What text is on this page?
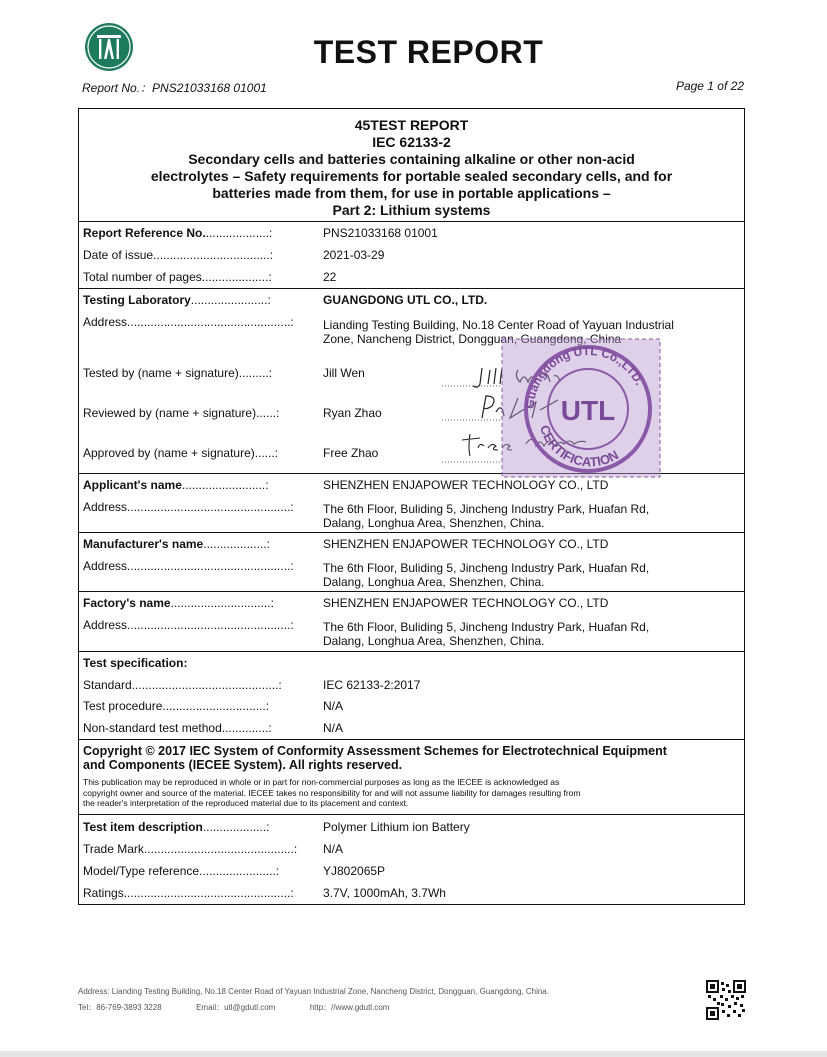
TEST REPORT
Report No.：PNS21033168 01001	Page 1 of 22
45TEST REPORT
IEC 62133-2
Secondary cells and batteries containing alkaline or other non-acid
electrolytes – Safety requirements for portable sealed secondary cells, and for
batteries made from them, for use in portable applications –
Part 2: Lithium systems
Report Reference No....................:	PNS21033168 01001
Date of issue...................................:	2021-03-29
Total number of pages....................:	22
Testing Laboratory.......................:	GUANGDONG UTL CO., LTD.
Address.................................................:	Lianding Testing Building, No.18 Center Road of Yayuan Industrial
Zone, Nancheng District, Dongguan, Guangdong, China
Tested by (name + signature).........:	Jill Wen
Reviewed by (name + signature)......:	Ryan Zhao
Approved by (name + signature)......:	Free Zhao
Applicant's name.........................:	SHENZHEN ENJAPOWER TECHNOLOGY CO., LTD
Address.................................................:	The 6th Floor, Buliding 5, Jincheng Industry Park, Huafan Rd,
Dalang, Longhua Area, Shenzhen, China.
Manufacturer's name...................:	SHENZHEN ENJAPOWER TECHNOLOGY CO., LTD
Address.................................................:	The 6th Floor, Buliding 5, Jincheng Industry Park, Huafan Rd,
Dalang, Longhua Area, Shenzhen, China.
Factory's name..............................:	SHENZHEN ENJAPOWER TECHNOLOGY CO., LTD
Address.................................................:	The 6th Floor, Buliding 5, Jincheng Industry Park, Huafan Rd,
Dalang, Longhua Area, Shenzhen, China.
Test specification:
Standard............................................:	IEC 62133-2:2017
Test procedure...............................:	N/A
Non-standard test method..............:	N/A
Copyright © 2017 IEC System of Conformity Assessment Schemes for Electrotechnical Equipment
and Components (IECEE System). All rights reserved.
This publication may be reproduced in whole or in part for non-commercial purposes as long as the IECEE is acknowledged as
copyright owner and source of the material. IECEE takes no responsibility for and will not assume liability for damages resulting from
the reader's interpretation of the reproduced material due to its placement and context.
Test item description...................:	Polymer Lithium ion Battery
Trade Mark.............................................:	N/A
Model/Type reference.......................:	YJ802065P
Ratings..................................................:	3.7V, 1000mAh, 3.7Wh
Guangdong UTL Co.,LTD.
CERTIFICATION
UTL
Address: Lianding Testing Building, No.18 Center Road of Yayuan Industrial Zone, Nancheng District, Dongguan, Guangdong, China.
Tel：86-769-3893 3228	Email：utl@gdutl.com	http：//www.gdutl.com
